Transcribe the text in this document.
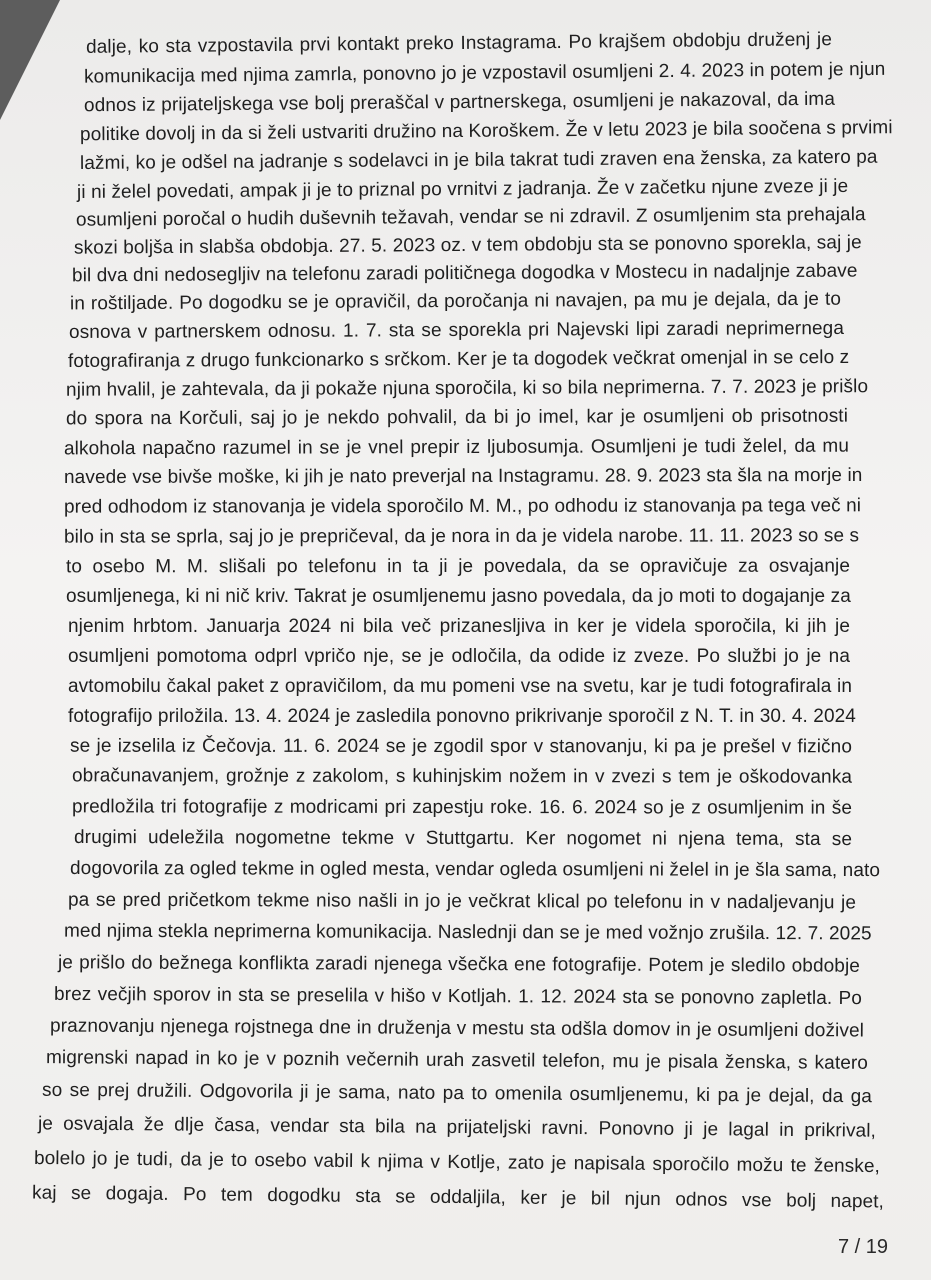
dalje, ko sta vzpostavila prvi kontakt preko Instagrama. Po krajšem obdobju druženj je
komunikacija med njima zamrla, ponovno jo je vzpostavil osumljeni 2. 4. 2023 in potem je njun
odnos iz prijateljskega vse bolj preraščal v partnerskega, osumljeni je nakazoval, da ima
politike dovolj in da si želi ustvariti družino na Koroškem. Že v letu 2023 je bila soočena s prvimi
lažmi, ko je odšel na jadranje s sodelavci in je bila takrat tudi zraven ena ženska, za katero pa
ji ni želel povedati, ampak ji je to priznal po vrnitvi z jadranja. Že v začetku njune zveze ji je
osumljeni poročal o hudih duševnih težavah, vendar se ni zdravil. Z osumljenim sta prehajala
skozi boljša in slabša obdobja. 27. 5. 2023 oz. v tem obdobju sta se ponovno sporekla, saj je
bil dva dni nedosegljiv na telefonu zaradi političnega dogodka v Mostecu in nadaljnje zabave
in roštiljade. Po dogodku se je opravičil, da poročanja ni navajen, pa mu je dejala, da je to
osnova v partnerskem odnosu. 1. 7. sta se sporekla pri Najevski lipi zaradi neprimernega
fotografiranja z drugo funkcionarko s srčkom. Ker je ta dogodek večkrat omenjal in se celo z
njim hvalil, je zahtevala, da ji pokaže njuna sporočila, ki so bila neprimerna. 7. 7. 2023 je prišlo
do spora na Korčuli, saj jo je nekdo pohvalil, da bi jo imel, kar je osumljeni ob prisotnosti
alkohola napačno razumel in se je vnel prepir iz ljubosumja. Osumljeni je tudi želel, da mu
navede vse bivše moške, ki jih je nato preverjal na Instagramu. 28. 9. 2023 sta šla na morje in
pred odhodom iz stanovanja je videla sporočilo M. M., po odhodu iz stanovanja pa tega več ni
bilo in sta se sprla, saj jo je prepričeval, da je nora in da je videla narobe. 11. 11. 2023 so se s
to osebo M. M. slišali po telefonu in ta ji je povedala, da se opravičuje za osvajanje
osumljenega, ki ni nič kriv. Takrat je osumljenemu jasno povedala, da jo moti to dogajanje za
njenim hrbtom. Januarja 2024 ni bila več prizanesljiva in ker je videla sporočila, ki jih je
osumljeni pomotoma odprl vpričo nje, se je odločila, da odide iz zveze. Po službi jo je na
avtomobilu čakal paket z opravičilom, da mu pomeni vse na svetu, kar je tudi fotografirala in
fotografijo priložila. 13. 4. 2024 je zasledila ponovno prikrivanje sporočil z N. T. in 30. 4. 2024
se je izselila iz Čečovja. 11. 6. 2024 se je zgodil spor v stanovanju, ki pa je prešel v fizično
obračunavanjem, grožnje z zakolom, s kuhinjskim nožem in v zvezi s tem je oškodovanka
predložila tri fotografije z modricami pri zapestju roke. 16. 6. 2024 so je z osumljenim in še
drugimi udeležila nogometne tekme v Stuttgartu. Ker nogomet ni njena tema, sta se
dogovorila za ogled tekme in ogled mesta, vendar ogleda osumljeni ni želel in je šla sama, nato
pa se pred pričetkom tekme niso našli in jo je večkrat klical po telefonu in v nadaljevanju je
med njima stekla neprimerna komunikacija. Naslednji dan se je med vožnjo zrušila. 12. 7. 2025
je prišlo do bežnega konflikta zaradi njenega všečka ene fotografije. Potem je sledilo obdobje
brez večjih sporov in sta se preselila v hišo v Kotljah. 1. 12. 2024 sta se ponovno zapletla. Po
praznovanju njenega rojstnega dne in druženja v mestu sta odšla domov in je osumljeni doživel
migrenski napad in ko je v poznih večernih urah zasvetil telefon, mu je pisala ženska, s katero
so se prej družili. Odgovorila ji je sama, nato pa to omenila osumljenemu, ki pa je dejal, da ga
je osvajala že dlje časa, vendar sta bila na prijateljski ravni. Ponovno ji je lagal in prikrival,
bolelo jo je tudi, da je to osebo vabil k njima v Kotlje, zato je napisala sporočilo možu te ženske,
kaj se dogaja. Po tem dogodku sta se oddaljila, ker je bil njun odnos vse bolj napet,
7 / 19
